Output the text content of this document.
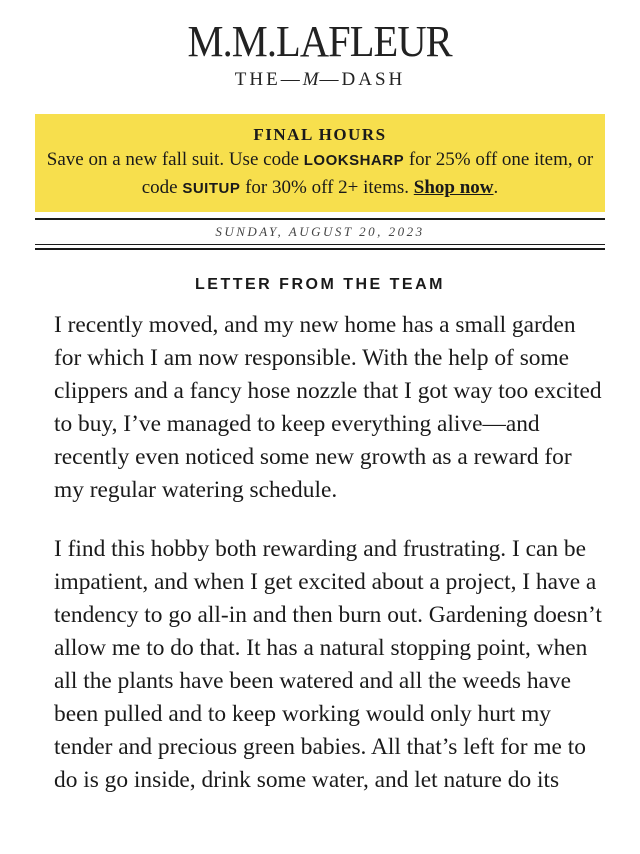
M.M.LAFLEUR
THE—M—DASH
FINAL HOURS
Save on a new fall suit. Use code LOOKSHARP for 25% off one item, or code SUITUP for 30% off 2+ items. Shop now.
SUNDAY, AUGUST 20, 2023
LETTER FROM THE TEAM

I recently moved, and my new home has a small garden for which I am now responsible. With the help of some clippers and a fancy hose nozzle that I got way too excited to buy, I’ve managed to keep everything alive—and recently even noticed some new growth as a reward for my regular watering schedule.

I find this hobby both rewarding and frustrating. I can be impatient, and when I get excited about a project, I have a tendency to go all-in and then burn out. Gardening doesn’t allow me to do that. It has a natural stopping point, when all the plants have been watered and all the weeds have been pulled and to keep working would only hurt my tender and precious green babies. All that’s left for me to do is go inside, drink some water, and let nature do its
